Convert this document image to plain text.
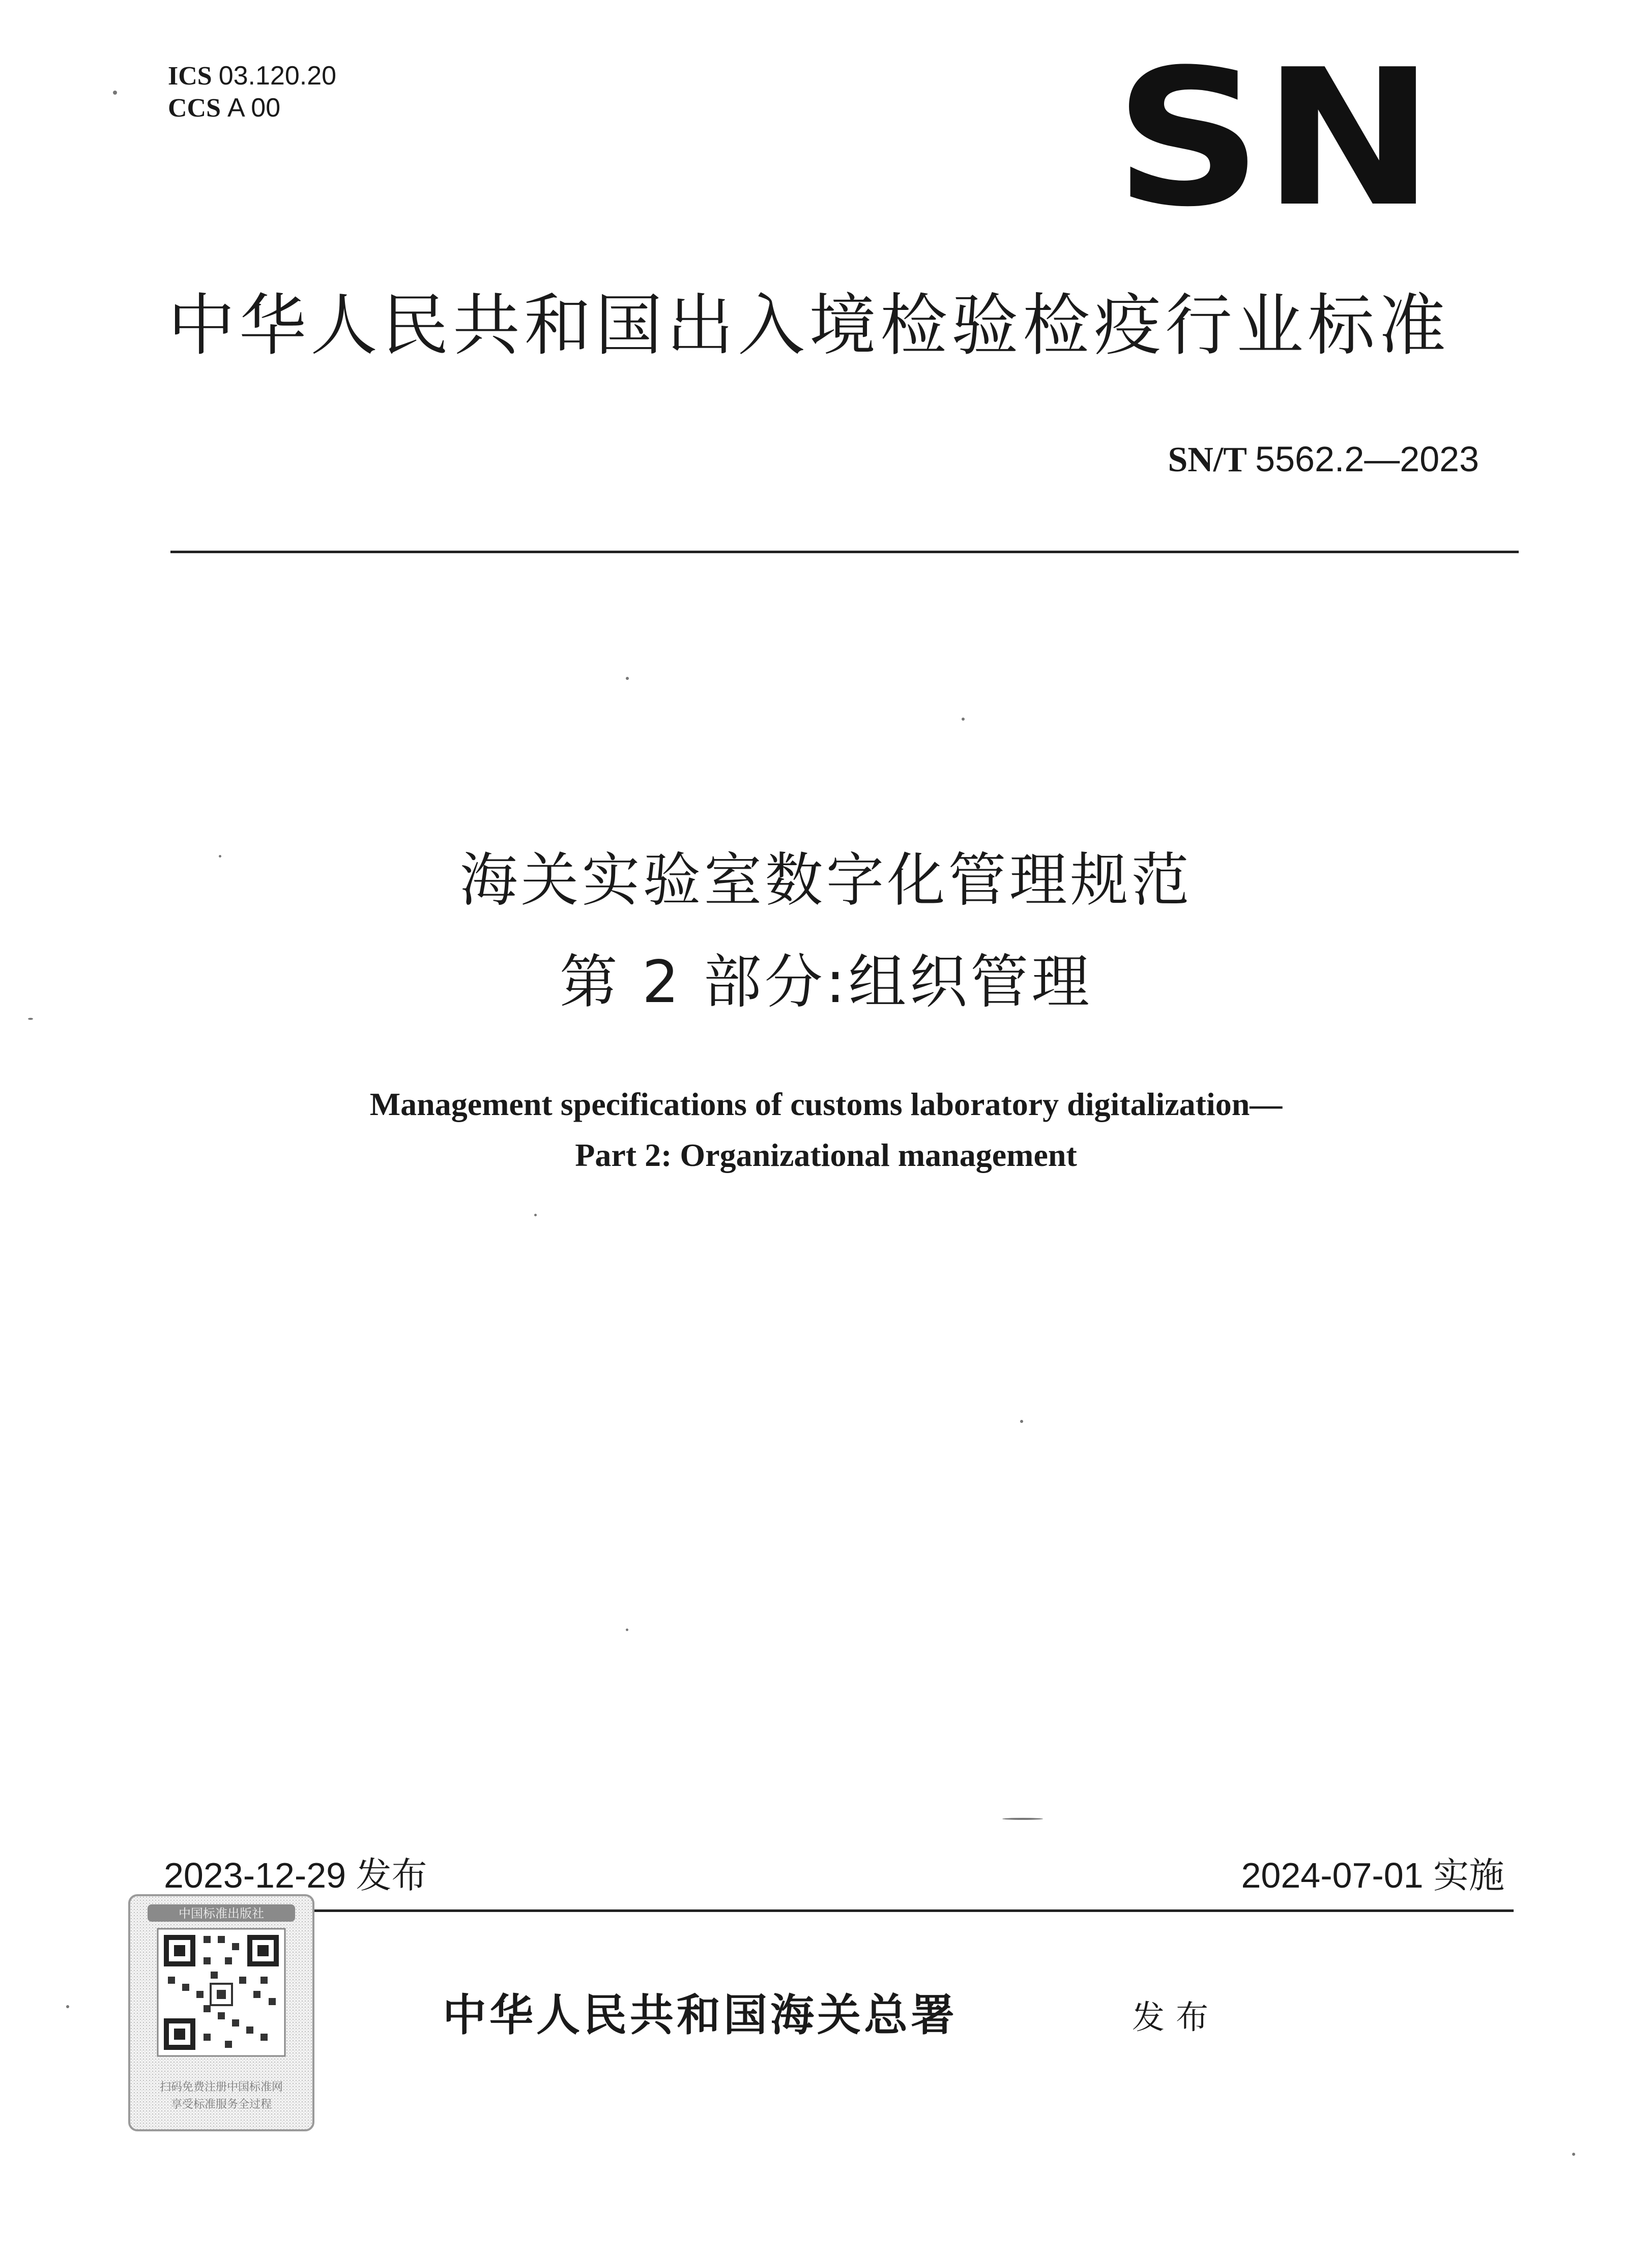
ICS 03.120.20
CCS A 00	SN
中华人民共和国出入境检验检疫行业标准
SN/T 5562.2—2023
海关实验室数字化管理规范
第 2 部分:组织管理
Management specifications of customs laboratory digitalization—
Part 2: Organizational management
2023-12-29 发布	2024-07-01 实施
中华人民共和国海关总署	发布
中国标准出版社
扫码免费注册中国标准网
享受标准服务全过程
